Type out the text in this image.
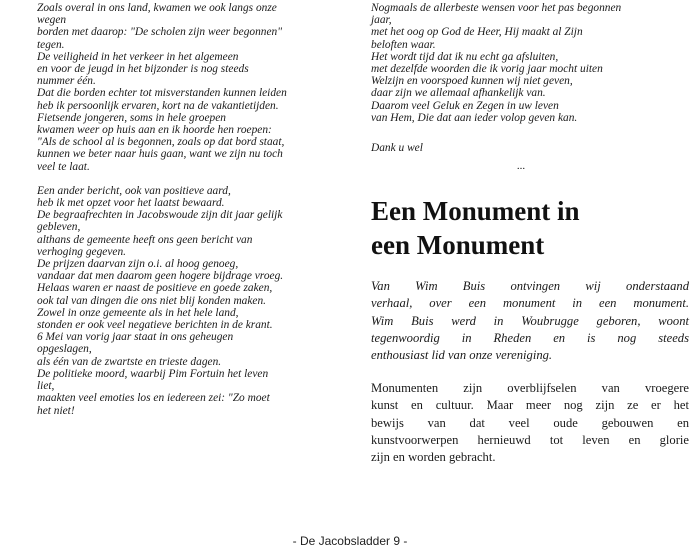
Zoals overal in ons land, kwamen we ook langs onze
wegen
borden met daarop: "De scholen zijn weer begonnen"
tegen.
De veiligheid in het verkeer in het algemeen
en voor de jeugd in het bijzonder is nog steeds
nummer één.
Dat die borden echter tot misverstanden kunnen leiden
heb ik persoonlijk ervaren, kort na de vakantietijden.
Fietsende jongeren, soms in hele groepen
kwamen weer op huis aan en ik hoorde hen roepen:
"Als de school al is begonnen, zoals op dat bord staat,
kunnen we beter naar huis gaan, want we zijn nu toch
veel te laat.
Een ander bericht, ook van positieve aard,
heb ik met opzet voor het laatst bewaard.
De begraafrechten in Jacobswoude zijn dit jaar gelijk
gebleven,
althans de gemeente heeft ons geen bericht van
verhoging gegeven.
De prijzen daarvan zijn o.i. al hoog genoeg,
vandaar dat men daarom geen hogere bijdrage vroeg.
Helaas waren er naast de positieve en goede zaken,
ook tal van dingen die ons niet blij konden maken.
Zowel in onze gemeente als in het hele land,
stonden er ook veel negatieve berichten in de krant.
6 Mei van vorig jaar staat in ons geheugen
opgeslagen,
als één van de zwartste en trieste dagen.
De politieke moord, waarbij Pim Fortuin het leven
liet,
maakten veel emoties los en iedereen zei: "Zo moet
het niet!
Nogmaals de allerbeste wensen voor het pas begonnen
jaar,
met het oog op God de Heer, Hij maakt al Zijn
beloften waar.
Het wordt tijd dat ik nu echt ga afsluiten,
met dezelfde woorden die ik vorig jaar mocht uiten
Welzijn en voorspoed kunnen wij niet geven,
daar zijn we allemaal afhankelijk van.
Daarom veel Geluk en Zegen in uw leven
van Hem, Die dat aan ieder volop geven kan.
Dank u wel
...
Een Monument in
een Monument
Van Wim Buis ontvingen wij onderstaand
verhaal, over een monument in een monument.
Wim Buis werd in Woubrugge geboren, woont
tegenwoordig in Rheden en is nog steeds
enthousiast lid van onze vereniging.
Monumenten zijn overblijfselen van vroegere
kunst en cultuur. Maar meer nog zijn ze er het
bewijs van dat veel oude gebouwen en
kunstvoorwerpen hernieuwd tot leven en glorie
zijn en worden gebracht.
- De Jacobsladder 9 -
